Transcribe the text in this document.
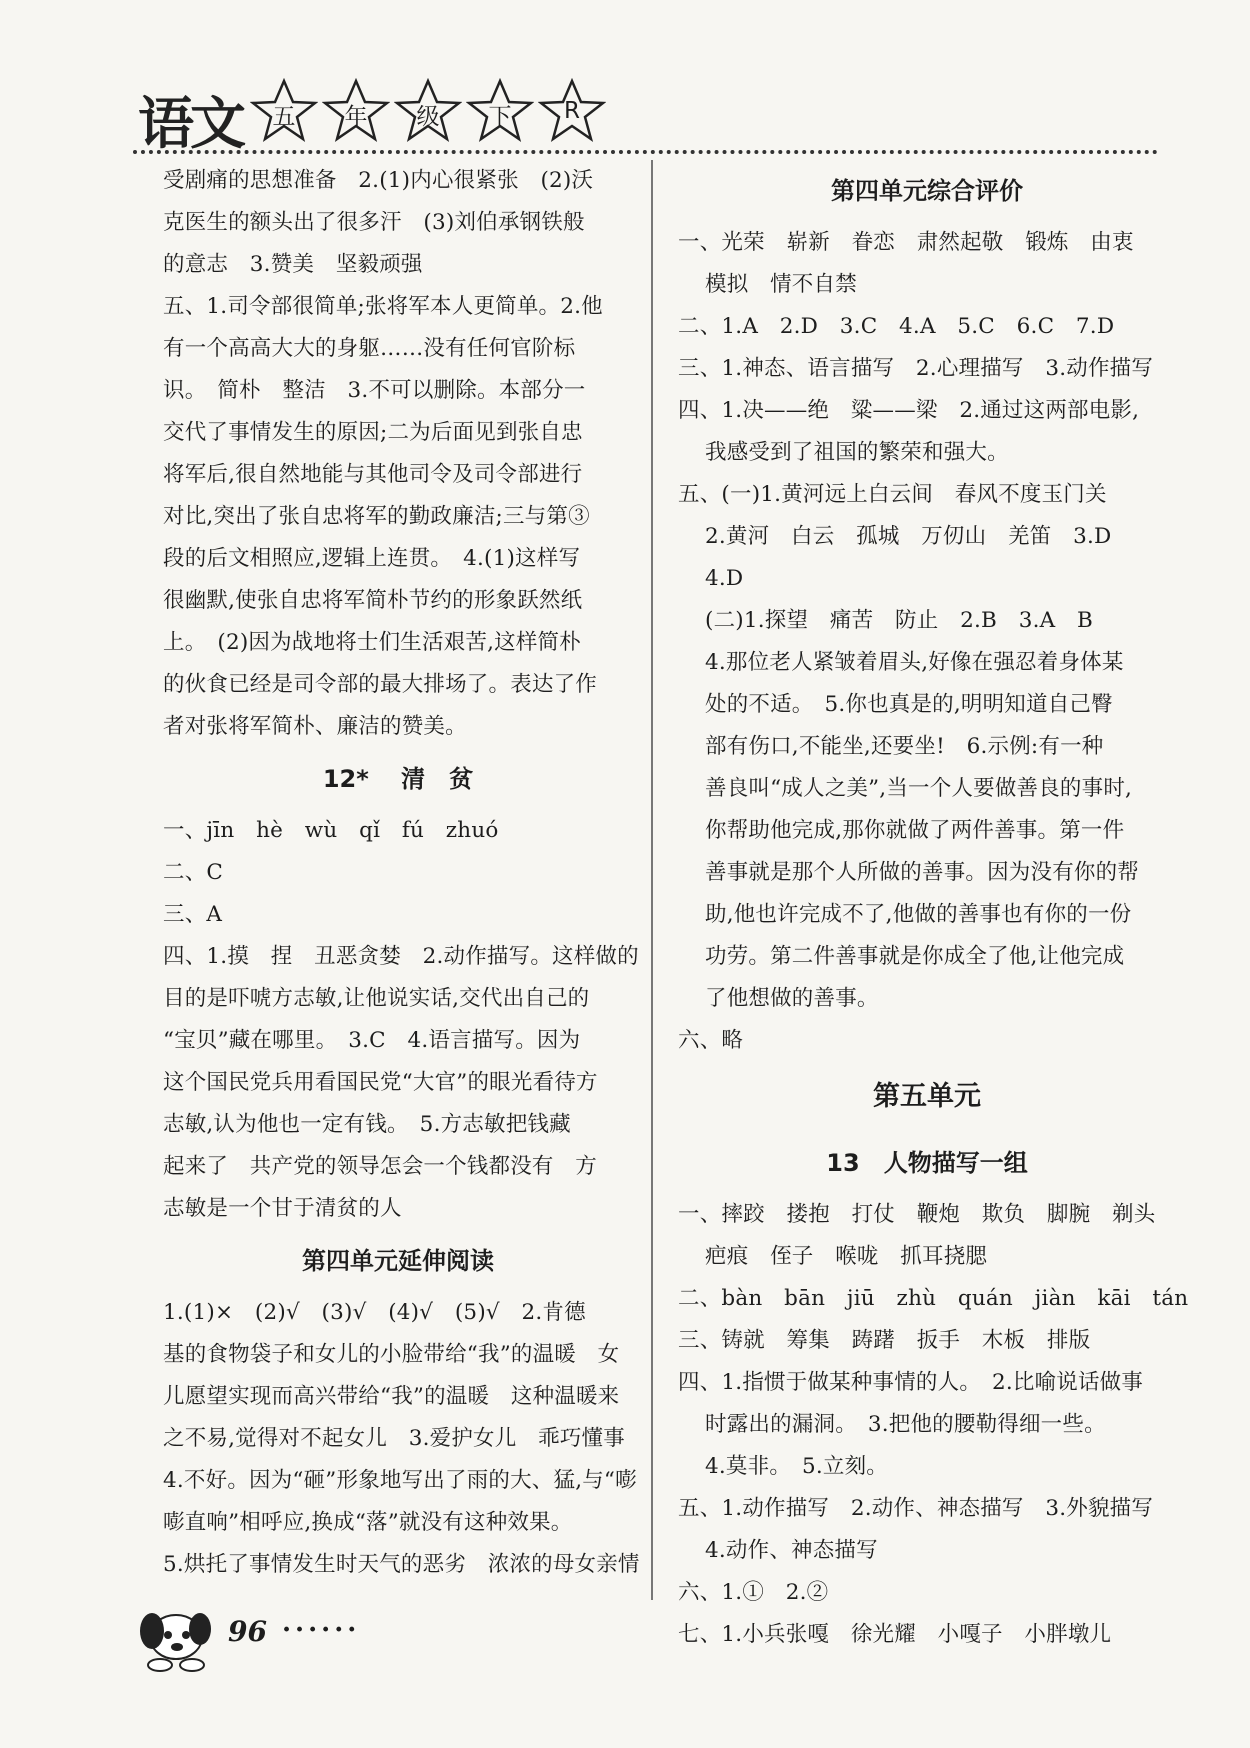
语文	五	年	级	下	R
受剧痛的思想准备　2.(1)内心很紧张　(2)沃
克医生的额头出了很多汗　(3)刘伯承钢铁般
的意志　3.赞美　坚毅顽强
五、1.司令部很简单;张将军本人更简单。2.他
有一个高高大大的身躯……没有任何官阶标
识。　简朴　整洁　3.不可以删除。本部分一
交代了事情发生的原因;二为后面见到张自忠
将军后,很自然地能与其他司令及司令部进行
对比,突出了张自忠将军的勤政廉洁;三与第③
段的后文相照应,逻辑上连贯。　4.(1)这样写
很幽默,使张自忠将军简朴节约的形象跃然纸
上。　(2)因为战地将士们生活艰苦,这样简朴
的伙食已经是司令部的最大排场了。表达了作
者对张将军简朴、廉洁的赞美。
12* 　清　贫
一、jīn　hè　wù　qǐ　fú　zhuó
二、C
三、A
四、1.摸　捏　丑恶贪婪　2.动作描写。这样做的
目的是吓唬方志敏,让他说实话,交代出自己的
“宝贝”藏在哪里。　3.C　4.语言描写。因为
这个国民党兵用看国民党“大官”的眼光看待方
志敏,认为他也一定有钱。　5.方志敏把钱藏
起来了　共产党的领导怎会一个钱都没有　方
志敏是一个甘于清贫的人
第四单元延伸阅读
1.(1)×　(2)√　(3)√　(4)√　(5)√　2.肯德
基的食物袋子和女儿的小脸带给“我”的温暖　女
儿愿望实现而高兴带给“我”的温暖　这种温暖来
之不易,觉得对不起女儿　3.爱护女儿　乖巧懂事
4.不好。因为“砸”形象地写出了雨的大、猛,与“嘭
嘭直响”相呼应,换成“落”就没有这种效果。
5.烘托了事情发生时天气的恶劣　浓浓的母女亲情
第四单元综合评价
一、光荣　崭新　眷恋　肃然起敬　锻炼　由衷
模拟　情不自禁
二、1.A　2.D　3.C　4.A　5.C　6.C　7.D
三、1.神态、语言描写　2.心理描写　3.动作描写
四、1.决——绝　粱——梁　2.通过这两部电影,
我感受到了祖国的繁荣和强大。
五、(一)1.黄河远上白云间　春风不度玉门关
2.黄河　白云　孤城　万仞山　羌笛　3.D
4.D
(二)1.探望　痛苦　防止　2.B　3.A　B
4.那位老人紧皱着眉头,好像在强忍着身体某
处的不适。　5.你也真是的,明明知道自己臀
部有伤口,不能坐,还要坐!　6.示例:有一种
善良叫“成人之美”,当一个人要做善良的事时,
你帮助他完成,那你就做了两件善事。第一件
善事就是那个人所做的善事。因为没有你的帮
助,他也许完成不了,他做的善事也有你的一份
功劳。第二件善事就是你成全了他,让他完成
了他想做的善事。
六、略
第五单元
13　人物描写一组
一、摔跤　搂抱　打仗　鞭炮　欺负　脚腕　剃头
疤痕　侄子　喉咙　抓耳挠腮
二、bàn　bān　jiū　zhù　quán　jiàn　kāi　tán
三、铸就　筹集　踌躇　扳手　木板　排版
四、1.指惯于做某种事情的人。　2.比喻说话做事
时露出的漏洞。　3.把他的腰勒得细一些。
4.莫非。　5.立刻。
五、1.动作描写　2.动作、神态描写　3.外貌描写
4.动作、神态描写
六、1.①　2.②
七、1.小兵张嘎　徐光耀　小嘎子　小胖墩儿
96 ······
